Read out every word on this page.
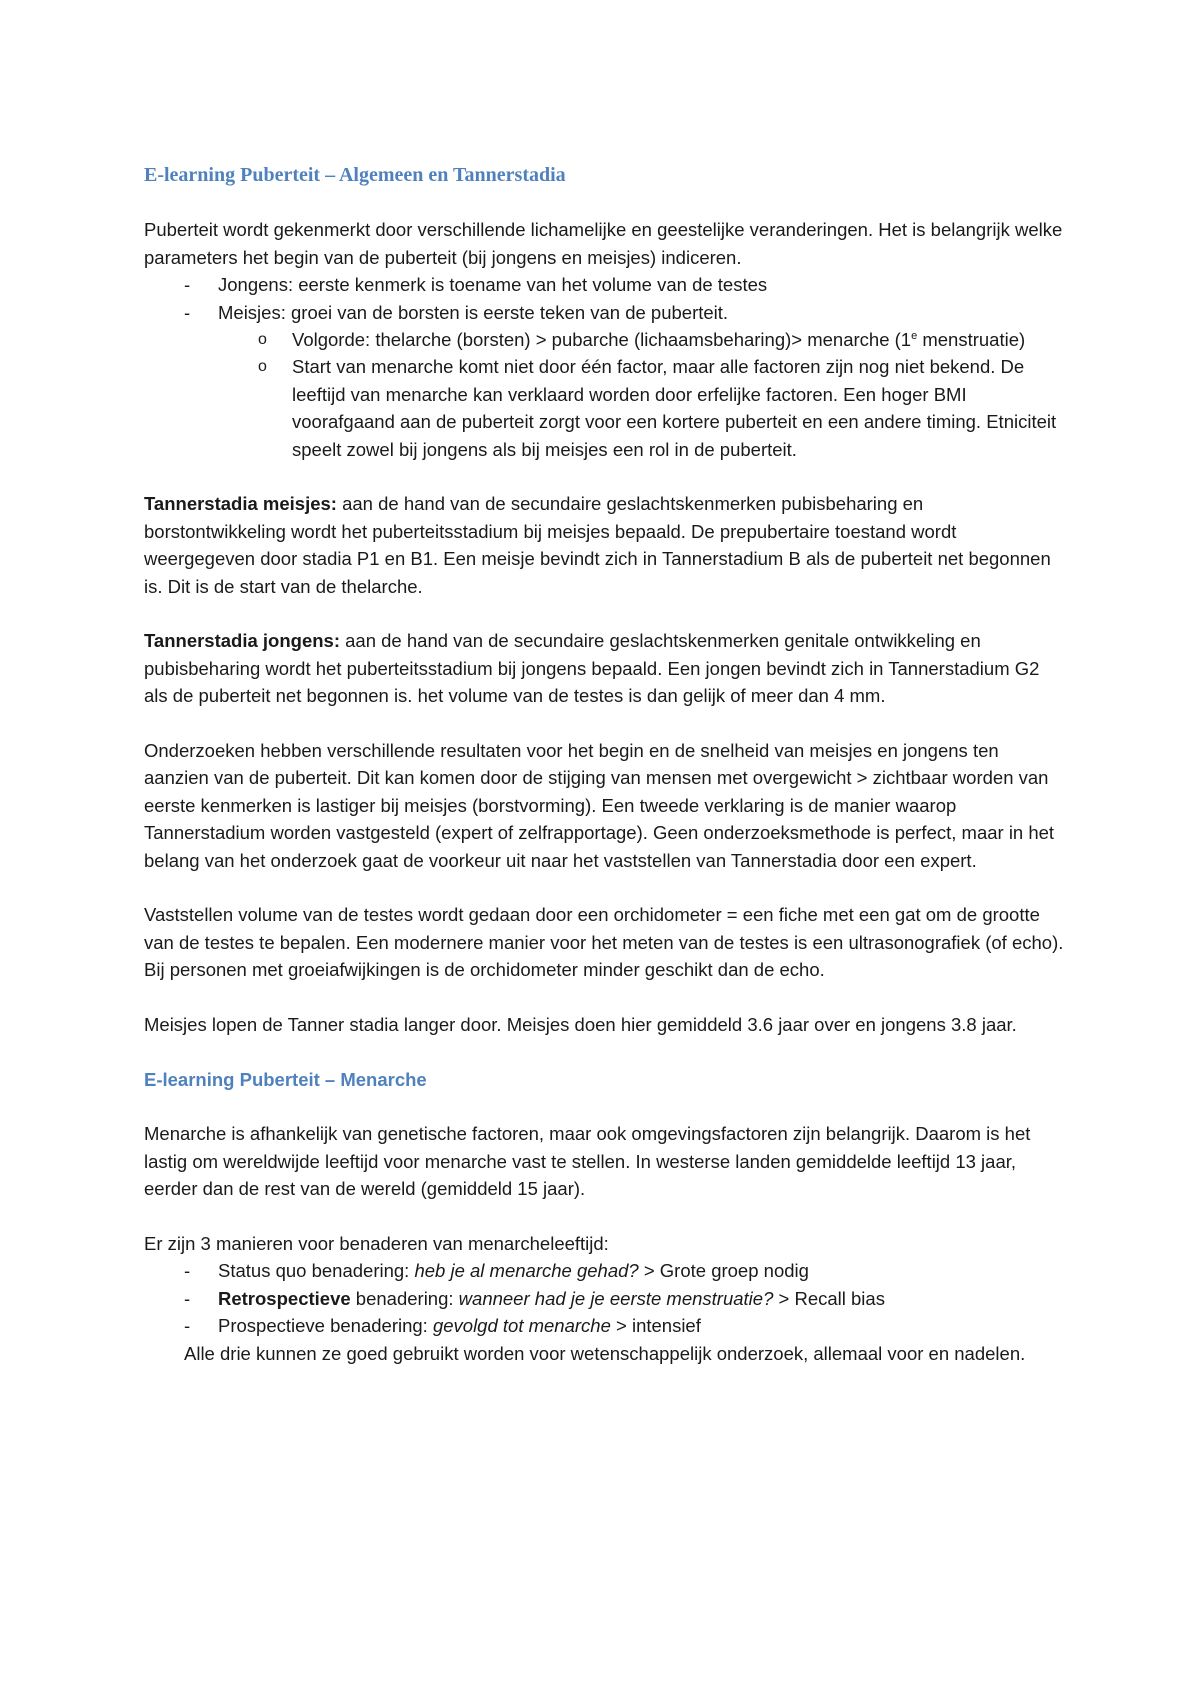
E-learning Puberteit – Algemeen en Tannerstadia

Puberteit wordt gekenmerkt door verschillende lichamelijke en geestelijke veranderingen. Het is belangrijk welke parameters het begin van de puberteit (bij jongens en meisjes) indiceren.

- Jongens: eerste kenmerk is toename van het volume van de testes
- Meisjes: groei van de borsten is eerste teken van de puberteit.
o Volgorde: thelarche (borsten) > pubarche (lichaamsbeharing)> menarche (1e menstruatie)
o Start van menarche komt niet door één factor, maar alle factoren zijn nog niet bekend. De leeftijd van menarche kan verklaard worden door erfelijke factoren. Een hoger BMI voorafgaand aan de puberteit zorgt voor een kortere puberteit en een andere timing. Etniciteit speelt zowel bij jongens als bij meisjes een rol in de puberteit.

Tannerstadia meisjes: aan de hand van de secundaire geslachtskenmerken pubisbeharing en borstontwikkeling wordt het puberteitsstadium bij meisjes bepaald. De prepubertaire toestand wordt weergegeven door stadia P1 en B1. Een meisje bevindt zich in Tannerstadium B als de puberteit net begonnen is. Dit is de start van de thelarche.

Tannerstadia jongens: aan de hand van de secundaire geslachtskenmerken genitale ontwikkeling en pubisbeharing wordt het puberteitsstadium bij jongens bepaald. Een jongen bevindt zich in Tannerstadium G2 als de puberteit net begonnen is. het volume van de testes is dan gelijk of meer dan 4 mm.

Onderzoeken hebben verschillende resultaten voor het begin en de snelheid van meisjes en jongens ten aanzien van de puberteit. Dit kan komen door de stijging van mensen met overgewicht > zichtbaar worden van eerste kenmerken is lastiger bij meisjes (borstvorming). Een tweede verklaring is de manier waarop Tannerstadium worden vastgesteld (expert of zelfrapportage). Geen onderzoeksmethode is perfect, maar in het belang van het onderzoek gaat de voorkeur uit naar het vaststellen van Tannerstadia door een expert.

Vaststellen volume van de testes wordt gedaan door een orchidometer = een fiche met een gat om de grootte van de testes te bepalen. Een modernere manier voor het meten van de testes is een ultrasonografiek (of echo). Bij personen met groeiafwijkingen is de orchidometer minder geschikt dan de echo.

Meisjes lopen de Tanner stadia langer door. Meisjes doen hier gemiddeld 3.6 jaar over en jongens 3.8 jaar.

E-learning Puberteit – Menarche

Menarche is afhankelijk van genetische factoren, maar ook omgevingsfactoren zijn belangrijk. Daarom is het lastig om wereldwijde leeftijd voor menarche vast te stellen. In westerse landen gemiddelde leeftijd 13 jaar, eerder dan de rest van de wereld (gemiddeld 15 jaar).

Er zijn 3 manieren voor benaderen van menarcheleeftijd:

- Status quo benadering: heb je al menarche gehad? > Grote groep nodig
- Retrospectieve benadering: wanneer had je je eerste menstruatie? > Recall bias
- Prospectieve benadering: gevolgd tot menarche > intensief

Alle drie kunnen ze goed gebruikt worden voor wetenschappelijk onderzoek, allemaal voor en nadelen.
